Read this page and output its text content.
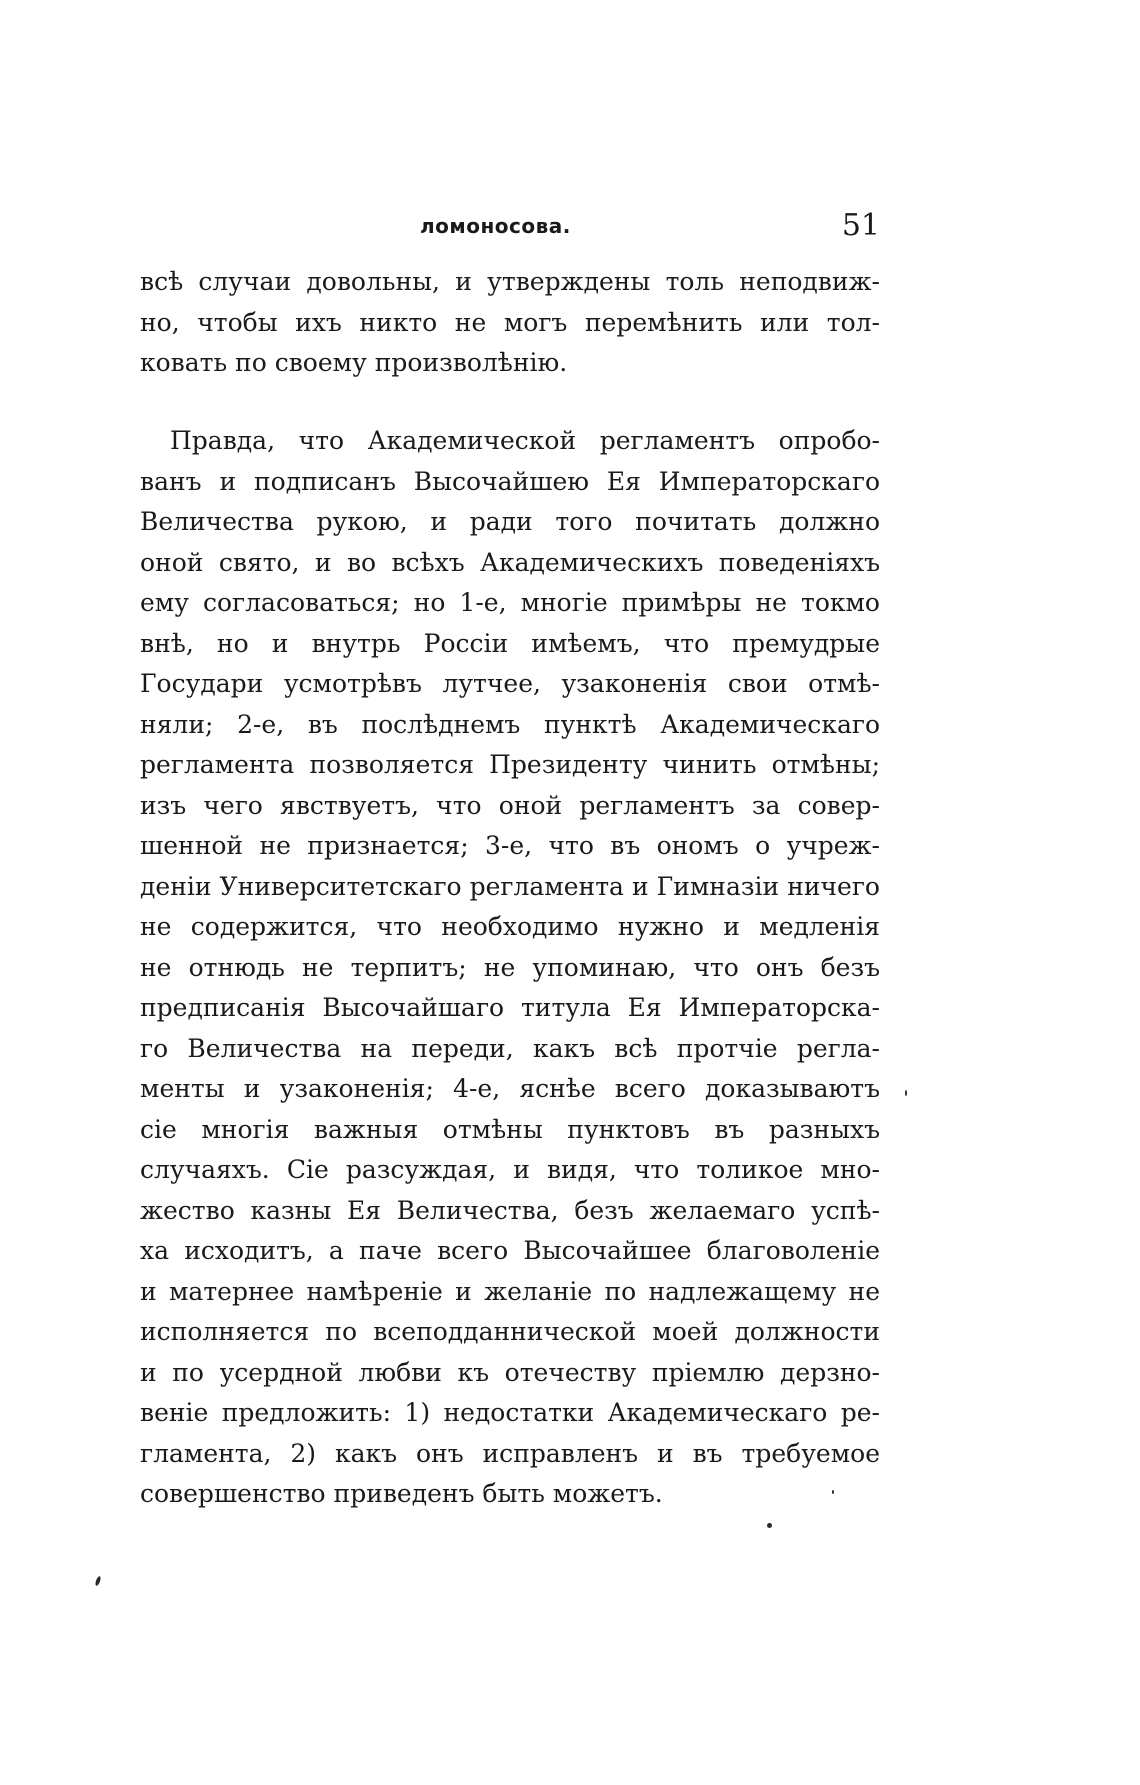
ломоносова.	51
всѣ случаи довольны, и утверждены толь неподвиж-
но, чтобы ихъ никто не могъ перемѣнить или тол-
ковать по своему произволѣнію.
Правда, что Академической регламентъ опробо-
ванъ и подписанъ Высочайшею Ея Императорскаго
Величества рукою, и ради того почитать должно
оной свято, и во всѣхъ Академическихъ поведеніяхъ
ему согласоваться; но 1-е, многіе примѣры не токмо
внѣ, но и внутрь Россіи имѣемъ, что премудрые
Государи усмотрѣвъ лутчее, узаконенія свои отмѣ-
няли; 2-е, въ послѣднемъ пунктѣ Академическаго
регламента позволяется Президенту чинить отмѣны;
изъ чего явствуетъ, что оной регламентъ за совер-
шенной не признается; 3-е, что въ ономъ о учреж-
деніи Университетскаго регламента и Гимназіи ничего
не содержится, что необходимо нужно и медленія
не отнюдь не терпитъ; не упоминаю, что онъ безъ
предписанія Высочайшаго титула Ея Императорска-
го Величества на переди, какъ всѣ протчіе регла-
менты и узаконенія; 4-е, яснѣе всего доказываютъ
сіе многія важныя отмѣны пунктовъ въ разныхъ
случаяхъ. Сіе разсуждая, и видя, что толикое мно-
жество казны Ея Величества, безъ желаемаго успѣ-
ха исходитъ, а паче всего Высочайшее благоволеніе
и матернее намѣреніе и желаніе по надлежащему не
исполняется по всеподданнической моей должности
и по усердной любви къ отечеству пріемлю дерзно-
веніе предложить: 1) недостатки Академическаго ре-
гламента, 2) какъ онъ исправленъ и въ требуемое
совершенство приведенъ быть можетъ.
